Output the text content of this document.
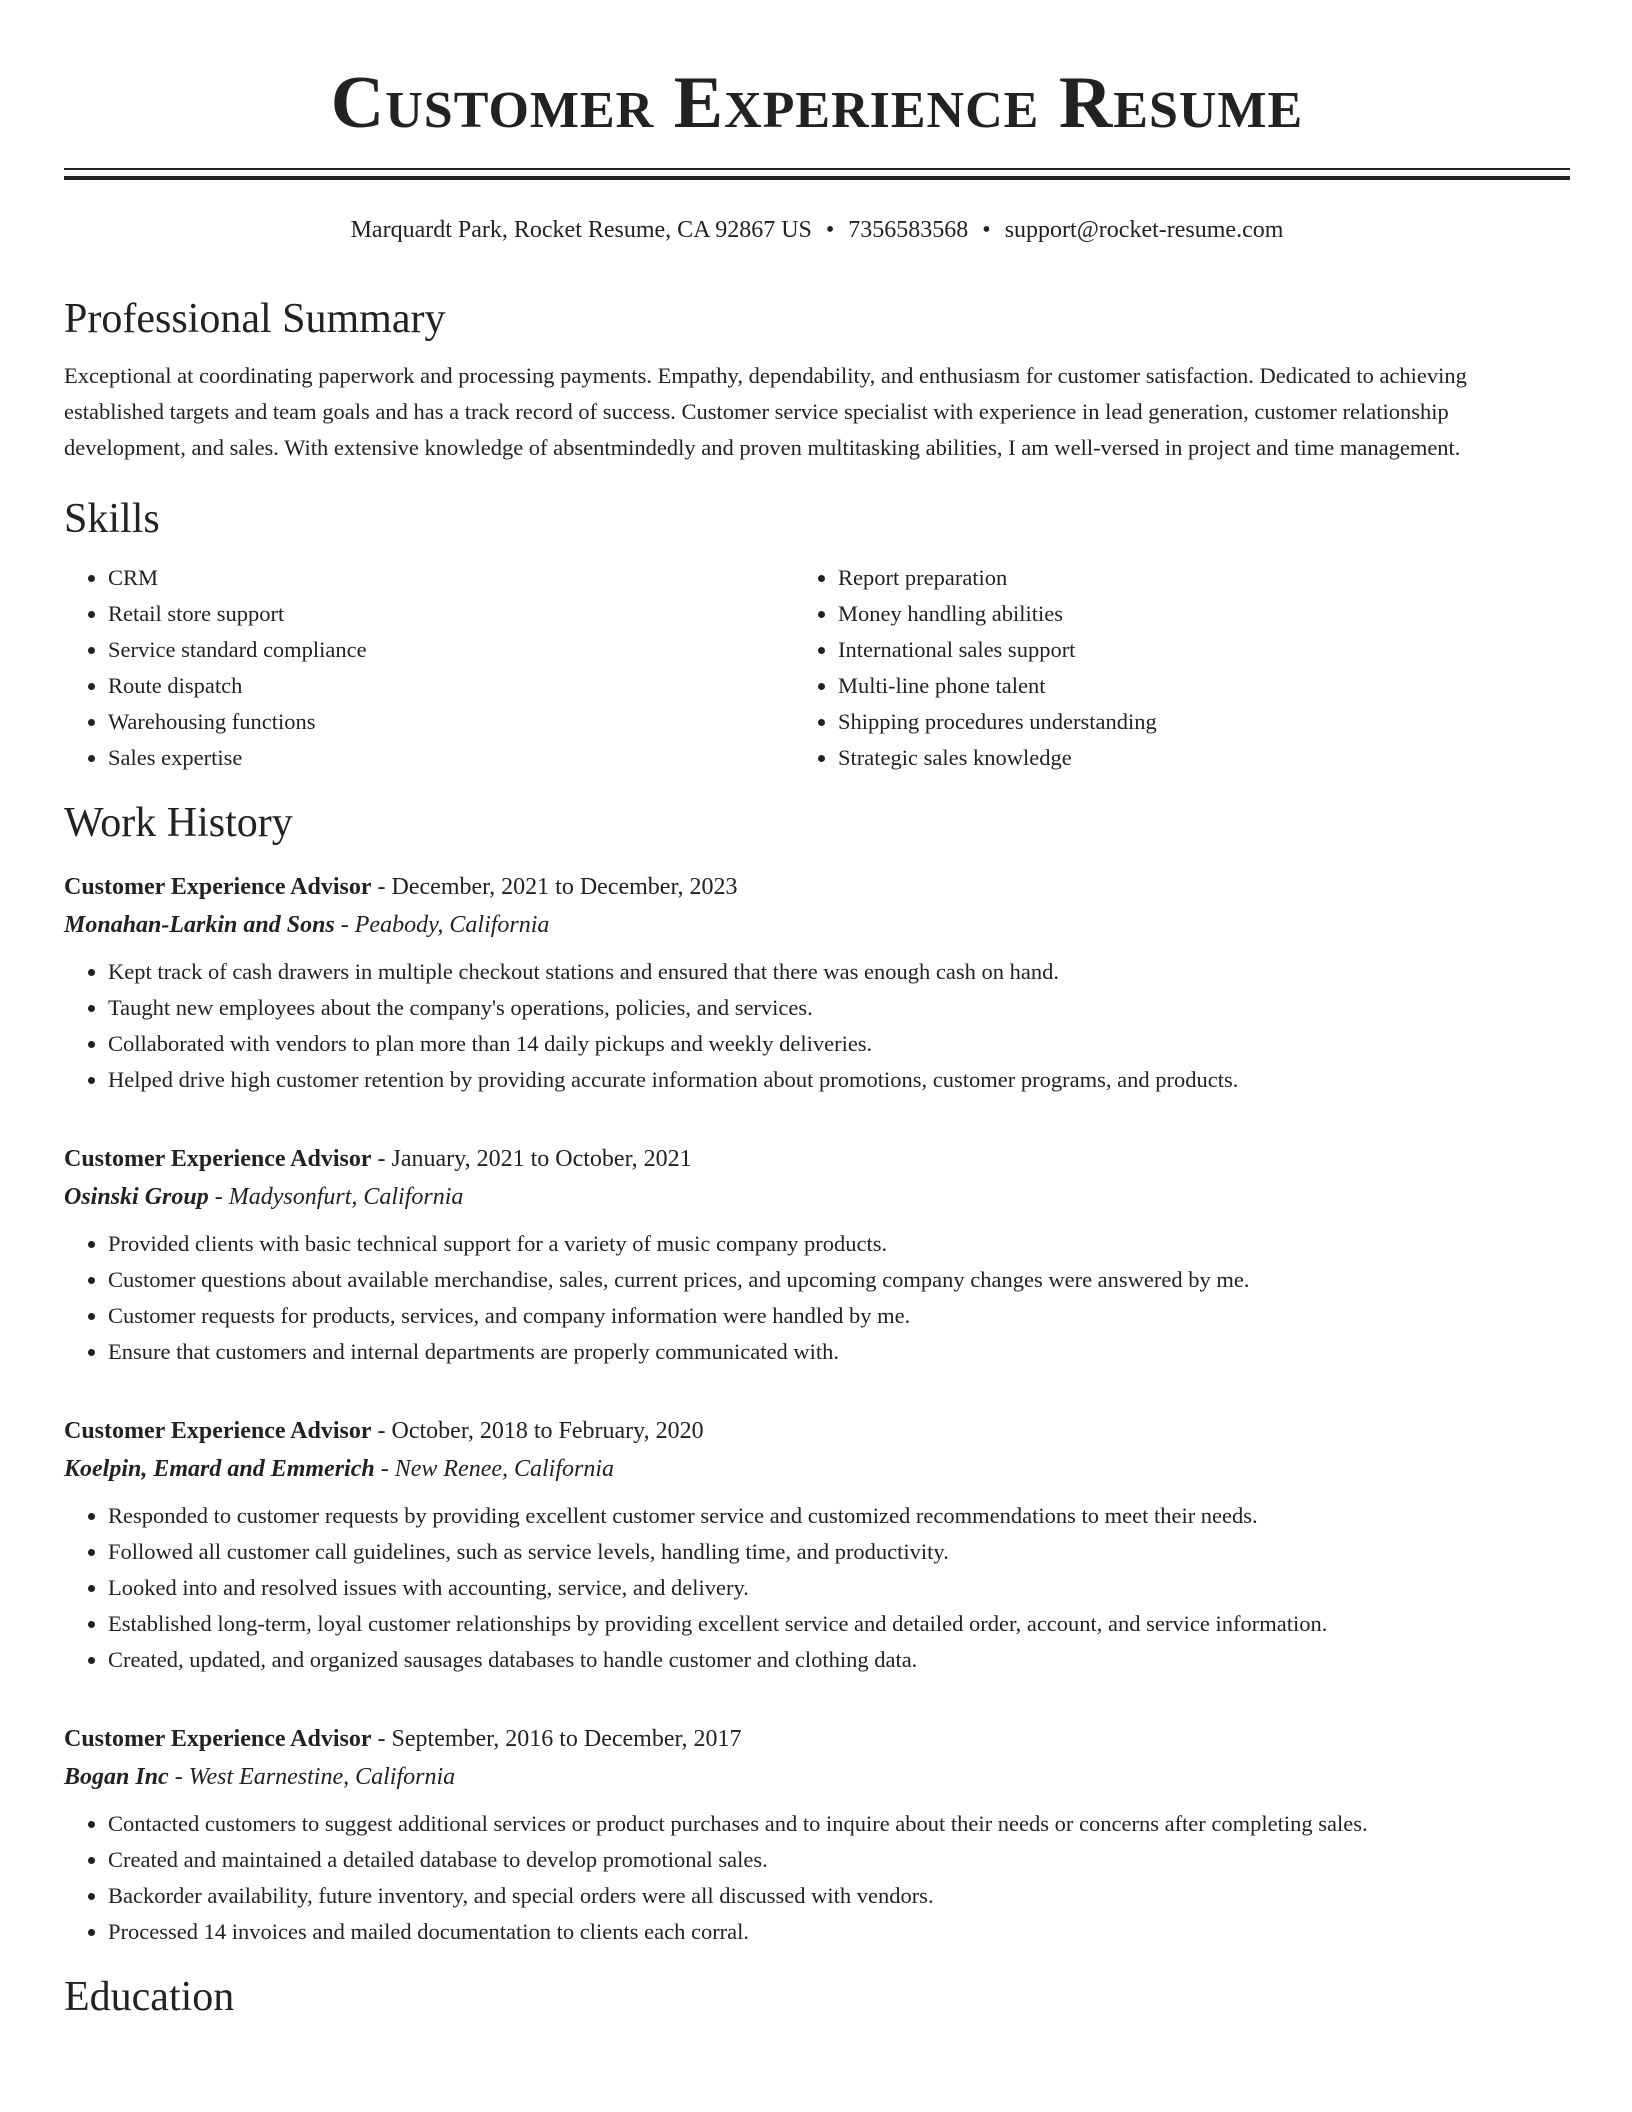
Customer Experience Resume
Marquardt Park, Rocket Resume, CA 92867 US • 7356583568 • support@rocket-resume.com
Professional Summary

Exceptional at coordinating paperwork and processing payments. Empathy, dependability, and enthusiasm for customer satisfaction. Dedicated to achieving established targets and team goals and has a track record of success. Customer service specialist with experience in lead generation, customer relationship development, and sales. With extensive knowledge of absentmindedly and proven multitasking abilities, I am well-versed in project and time management.

Skills
• CRM
• Retail store support
• Service standard compliance
• Route dispatch
• Warehousing functions
• Sales expertise
• Report preparation
• Money handling abilities
• International sales support
• Multi-line phone talent
• Shipping procedures understanding
• Strategic sales knowledge
Work History
Customer Experience Advisor - December, 2021 to December, 2023
Monahan-Larkin and Sons - Peabody, California
• Kept track of cash drawers in multiple checkout stations and ensured that there was enough cash on hand.
• Taught new employees about the company's operations, policies, and services.
• Collaborated with vendors to plan more than 14 daily pickups and weekly deliveries.
• Helped drive high customer retention by providing accurate information about promotions, customer programs, and products.
Customer Experience Advisor - January, 2021 to October, 2021
Osinski Group - Madysonfurt, California
• Provided clients with basic technical support for a variety of music company products.
• Customer questions about available merchandise, sales, current prices, and upcoming company changes were answered by me.
• Customer requests for products, services, and company information were handled by me.
• Ensure that customers and internal departments are properly communicated with.
Customer Experience Advisor - October, 2018 to February, 2020
Koelpin, Emard and Emmerich - New Renee, California
• Responded to customer requests by providing excellent customer service and customized recommendations to meet their needs.
• Followed all customer call guidelines, such as service levels, handling time, and productivity.
• Looked into and resolved issues with accounting, service, and delivery.
• Established long-term, loyal customer relationships by providing excellent service and detailed order, account, and service information.
• Created, updated, and organized sausages databases to handle customer and clothing data.
Customer Experience Advisor - September, 2016 to December, 2017
Bogan Inc - West Earnestine, California
• Contacted customers to suggest additional services or product purchases and to inquire about their needs or concerns after completing sales.
• Created and maintained a detailed database to develop promotional sales.
• Backorder availability, future inventory, and special orders were all discussed with vendors.
• Processed 14 invoices and mailed documentation to clients each corral.
Education
